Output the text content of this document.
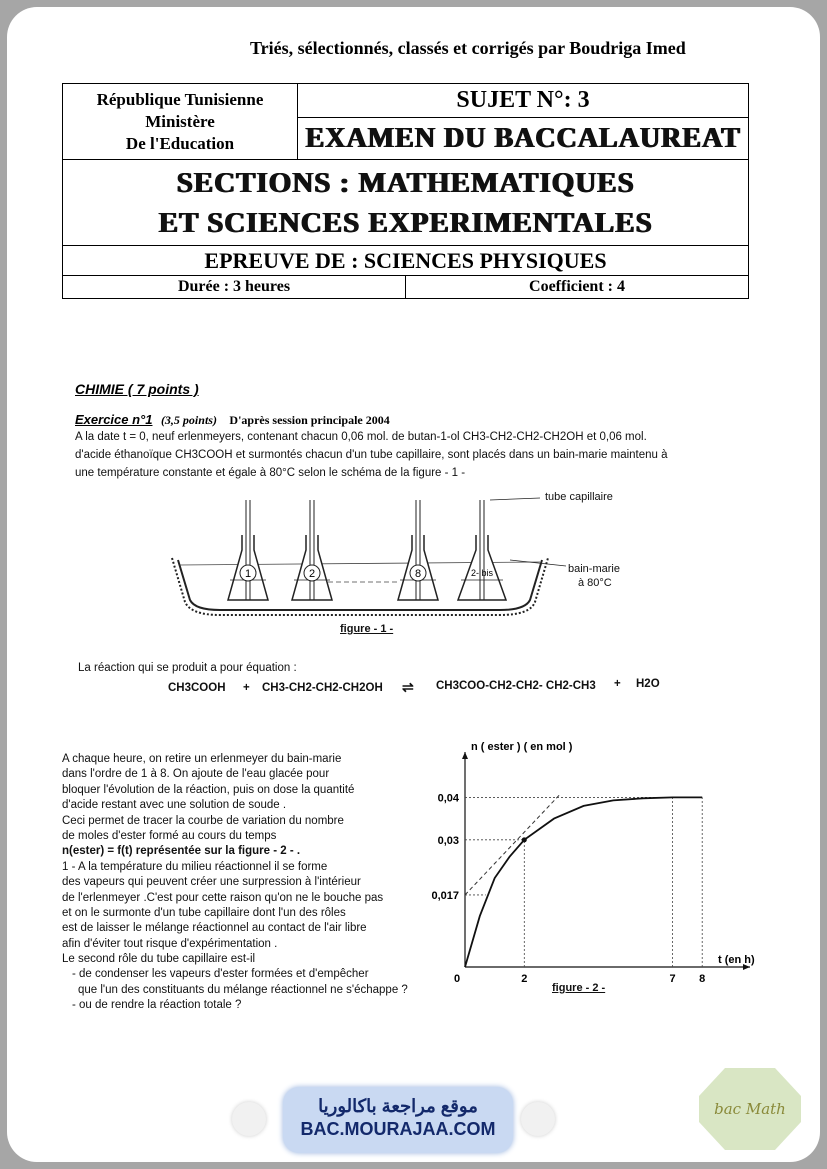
Triés, sélectionnés, classés et corrigés par Boudriga Imed
République Tunisienne
Ministère
De l'Education
	SUJET N°: 3
EXAMEN DU BACCALAUREAT

SECTIONS : MATHEMATIQUES
ET SCIENCES EXPERIMENTALES

EPREUVE DE : SCIENCES PHYSIQUES

Durée : 3 heures	Coefficient : 4
CHIMIE ( 7 points )
Exercice n°1 (3,5 points) D'après session principale 2004
A la date t = 0, neuf erlenmeyers, contenant chacun 0,06 mol. de butan-1-ol CH3-CH2-CH2-CH2OH et 0,06 mol.
d'acide éthanoïque CH3COOH et surmontés chacun d'un tube capillaire, sont placés dans un bain-marie maintenu à
une température constante et égale à 80°C selon le schéma de la figure - 1 -
1	2	8	2- bis
tube capillaire
bain-marie
à 80°C
figure - 1 -
La réaction qui se produit a pour équation :
CH3COOH + CH3-CH2-CH2-CH2OH ⇌ CH3COO-CH2-CH2- CH2-CH3 + H2O
A chaque heure, on retire un erlenmeyer du bain-marie
dans l'ordre de 1 à 8. On ajoute de l'eau glacée pour
bloquer l'évolution de la réaction, puis on dose la quantité
d'acide restant avec une solution de soude .
Ceci permet de tracer la courbe de variation du nombre
de moles d'ester formé au cours du temps
n(ester) = f(t) représentée sur la figure - 2 - .
1 - A la température du milieu réactionnel il se forme
des vapeurs qui peuvent créer une surpression à l'intérieur
de l'erlenmeyer .C'est pour cette raison qu'on ne le bouche pas
et on le surmonte d'un tube capillaire dont l'un des rôles
est de laisser le mélange réactionnel au contact de l'air libre
afin d'éviter tout risque d'expérimentation .
Le second rôle du tube capillaire est-il
- de condenser les vapeurs d'ester formées et d'empêcher
que l'un des constituants du mélange réactionnel ne s'échappe ?
- ou de rendre la réaction totale ?
0,017
0,03
0,04
0	2	7 8
n ( ester ) ( en mol )
t (en h)
figure - 2 -
موقع مراجعة باكالوريا
BAC.MOURAJAA.COM
bac Math
